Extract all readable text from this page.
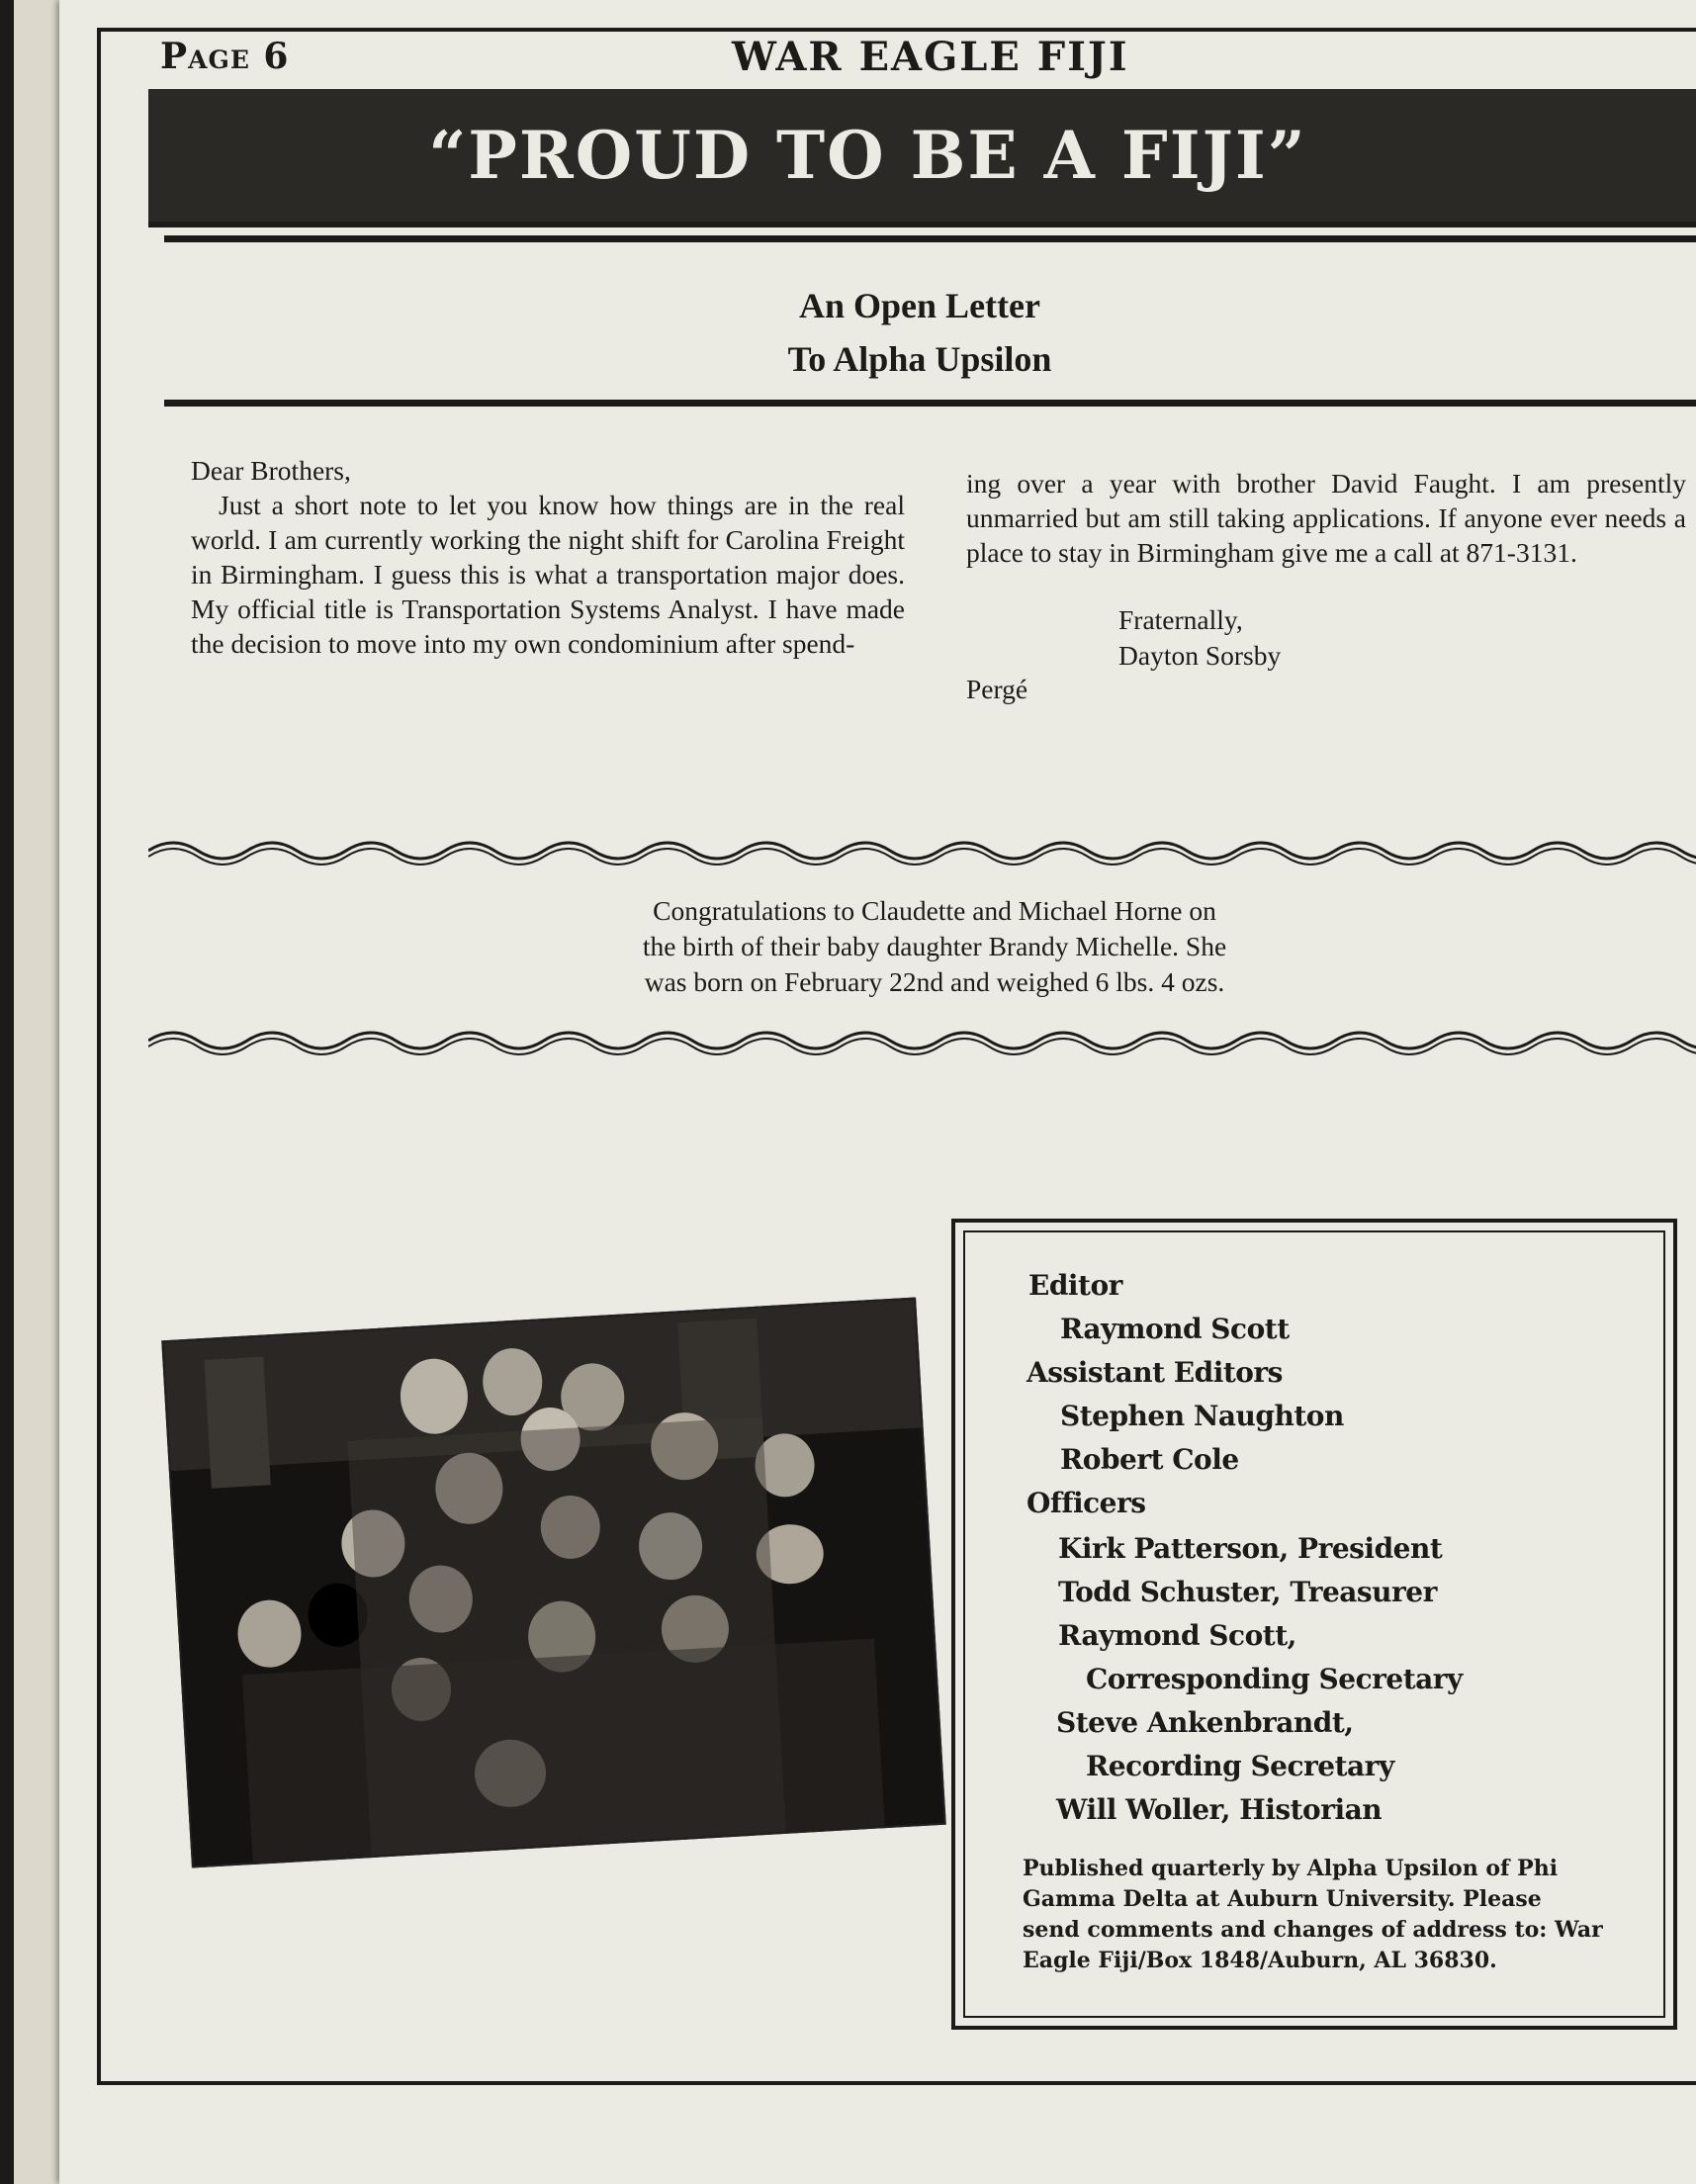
Page 6	WAR EAGLE FIJI
“PROUD TO BE A FIJI”
An Open Letter
To Alpha Upsilon

Dear Brothers,

Just a short note to let you know how things are in the real world. I am currently working the night shift for Carolina Freight in Birmingham. I guess this is what a transportation major does. My official title is Transportation Systems Analyst. I have made the decision to move into my own condominium after spend-

ing over a year with brother David Faught. I am presently unmarried but am still taking applications. If anyone ever needs a place to stay in Birmingham give me a call at 871-3131.

Fraternally,
Dayton Sorsby
Pergé
Congratulations to Claudette and Michael Horne on
the birth of their baby daughter Brandy Michelle. She
was born on February 22nd and weighed 6 lbs. 4 ozs.
Editor
Raymond Scott
Assistant Editors
Stephen Naughton
Robert Cole
Officers
Kirk Patterson, President
Todd Schuster, Treasurer
Raymond Scott,
Corresponding Secretary
Steve Ankenbrandt,
Recording Secretary
Will Woller, Historian
Published quarterly by Alpha Upsilon of Phi Gamma Delta at Auburn University. Please send comments and changes of address to: War Eagle Fiji/Box 1848/Auburn, AL 36830.
